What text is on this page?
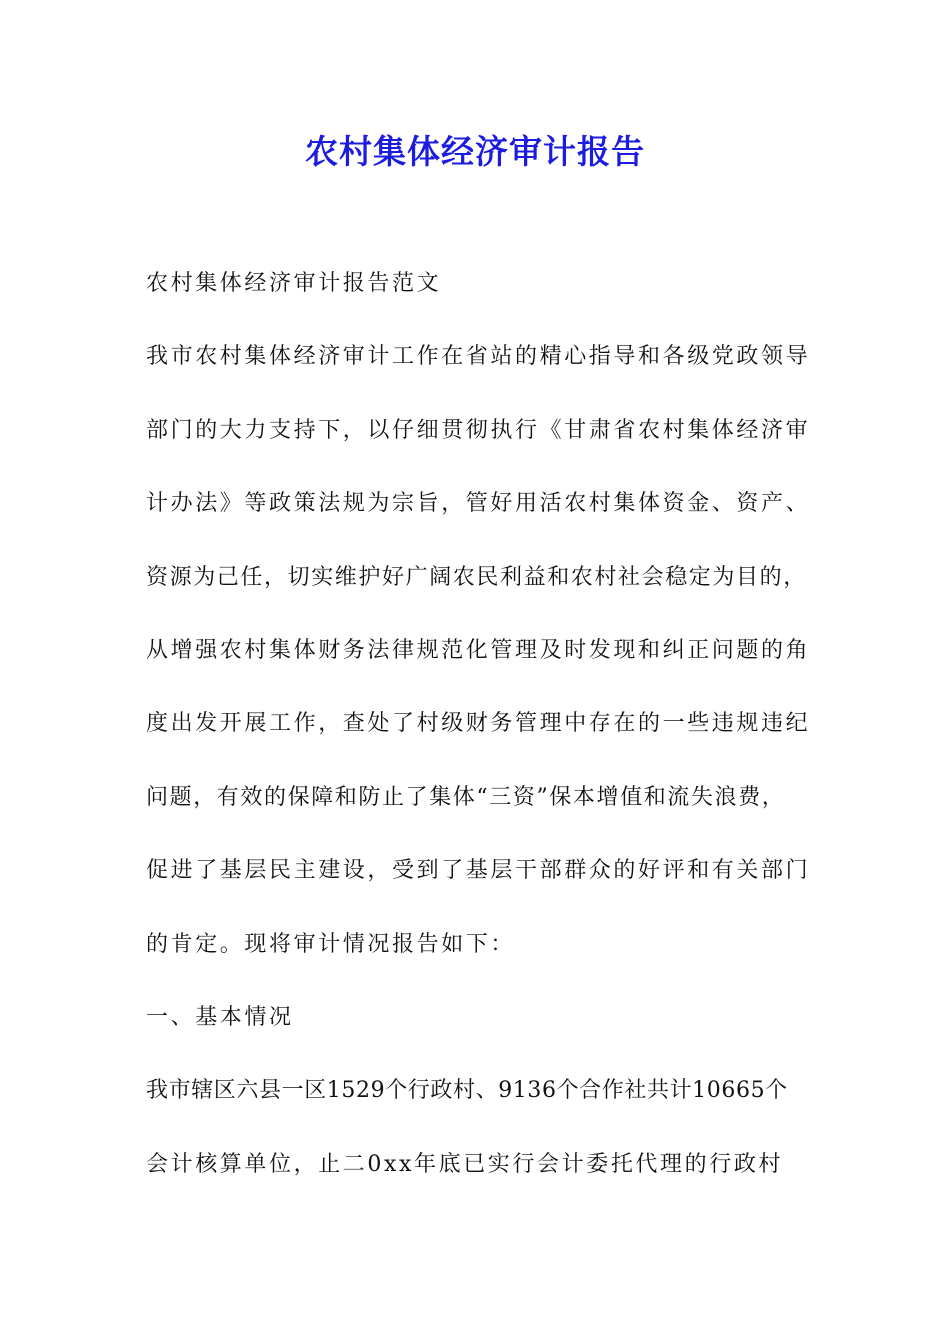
农村集体经济审计报告
农村集体经济审计报告范文
我市农村集体经济审计工作在省站的精心指导和各级党政领导
部门的大力支持下，以仔细贯彻执行《甘肃省农村集体经济审
计办法》等政策法规为宗旨，管好用活农村集体资金、资产、
资源为己任，切实维护好广阔农民利益和农村社会稳定为目的，
从增强农村集体财务法律规范化管理及时发现和纠正问题的角
度出发开展工作，查处了村级财务管理中存在的一些违规违纪
问题，有效的保障和防止了集体“三资”保本增值和流失浪费，
促进了基层民主建设，受到了基层干部群众的好评和有关部门
的肯定。现将审计情况报告如下：
一、基本情况
我市辖区六县一区1529个行政村、9136个合作社共计10665个
会计核算单位，止二0xx年底已实行会计委托代理的行政村
